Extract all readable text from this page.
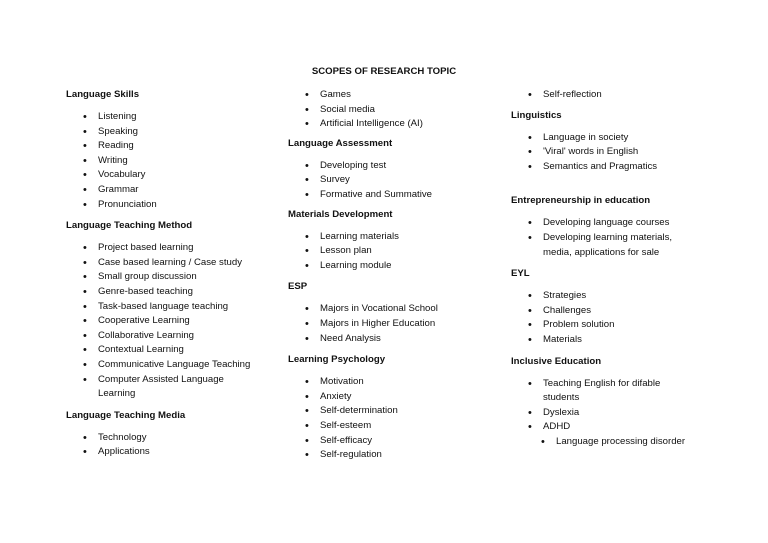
SCOPES OF RESEARCH TOPIC

Language Skills

• Listening
• Speaking
• Reading
• Writing
• Vocabulary
• Grammar
• Pronunciation

Language Teaching Method

• Project based learning
• Case based learning / Case study
• Small group discussion
• Genre-based teaching
• Task-based language teaching
• Cooperative Learning
• Collaborative Learning
• Contextual Learning
• Communicative Language Teaching
• Computer Assisted Language Learning

Language Teaching Media

• Technology
• Applications
• Games
• Social media
• Artificial Intelligence (AI)

Language Assessment

• Developing test
• Survey
• Formative and Summative

Materials Development

• Learning materials
• Lesson plan
• Learning module

ESP

• Majors in Vocational School
• Majors in Higher Education
• Need Analysis

Learning Psychology

• Motivation
• Anxiety
• Self-determination
• Self-esteem
• Self-efficacy
• Self-regulation
• Self-reflection

Linguistics

• Language in society
• 'Viral' words in English
• Semantics and Pragmatics

Entrepreneurship in education

• Developing language courses
• Developing learning materials, media, applications for sale

EYL

• Strategies
• Challenges
• Problem solution
• Materials

Inclusive Education

• Teaching English for difable students
• Dyslexia
• ADHD
• Language processing disorder
